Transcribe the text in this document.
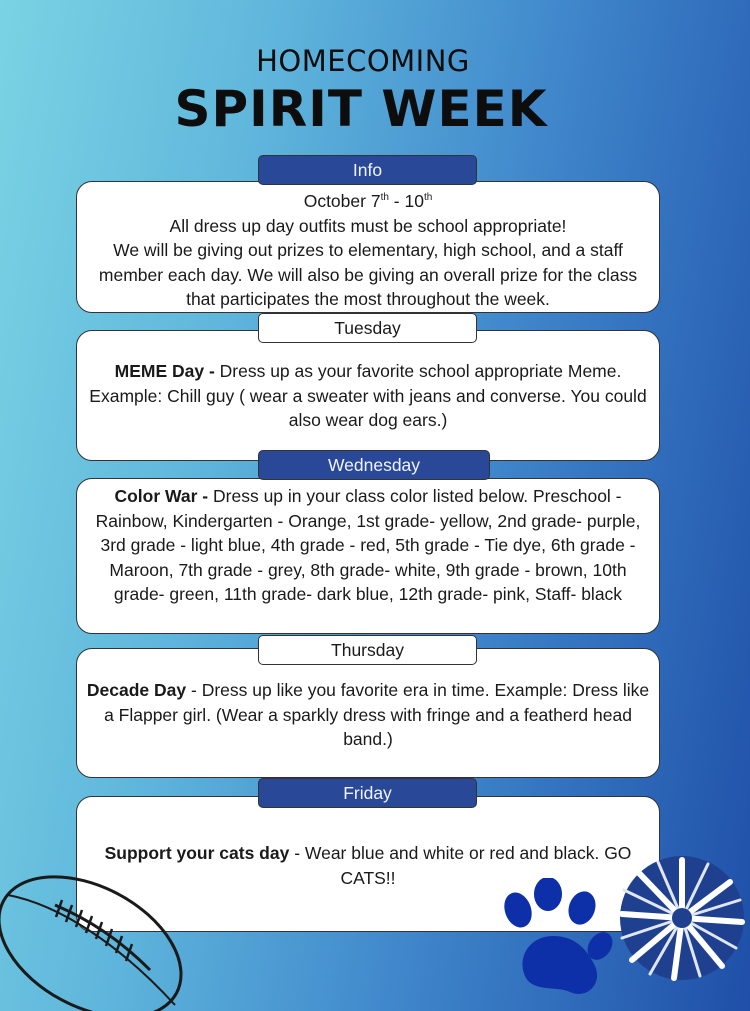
HOMECOMING
SPIRIT WEEK

October 7th - 10th

All dress up day outfits must be school appropriate!

We will be giving out prizes to elementary, high school, and a staff member each day. We will also be giving an overall prize for the class that participates the most throughout the week.

Info

MEME Day - Dress up as your favorite school appropriate Meme. Example: Chill guy ( wear a sweater with jeans and converse. You could also wear dog ears.)

Tuesday

Color War - Dress up in your class color listed below. Preschool - Rainbow, Kindergarten - Orange, 1st grade- yellow, 2nd grade- purple, 3rd grade - light blue, 4th grade - red, 5th grade - Tie dye, 6th grade - Maroon, 7th grade - grey, 8th grade- white, 9th grade - brown, 10th grade- green, 11th grade- dark blue, 12th grade- pink, Staff- black

Wednesday

Decade Day - Dress up like you favorite era in time. Example: Dress like a Flapper girl. (Wear a sparkly dress with fringe and a featherd head band.)

Thursday

Support your cats day - Wear blue and white or red and black. GO CATS!!

Friday
